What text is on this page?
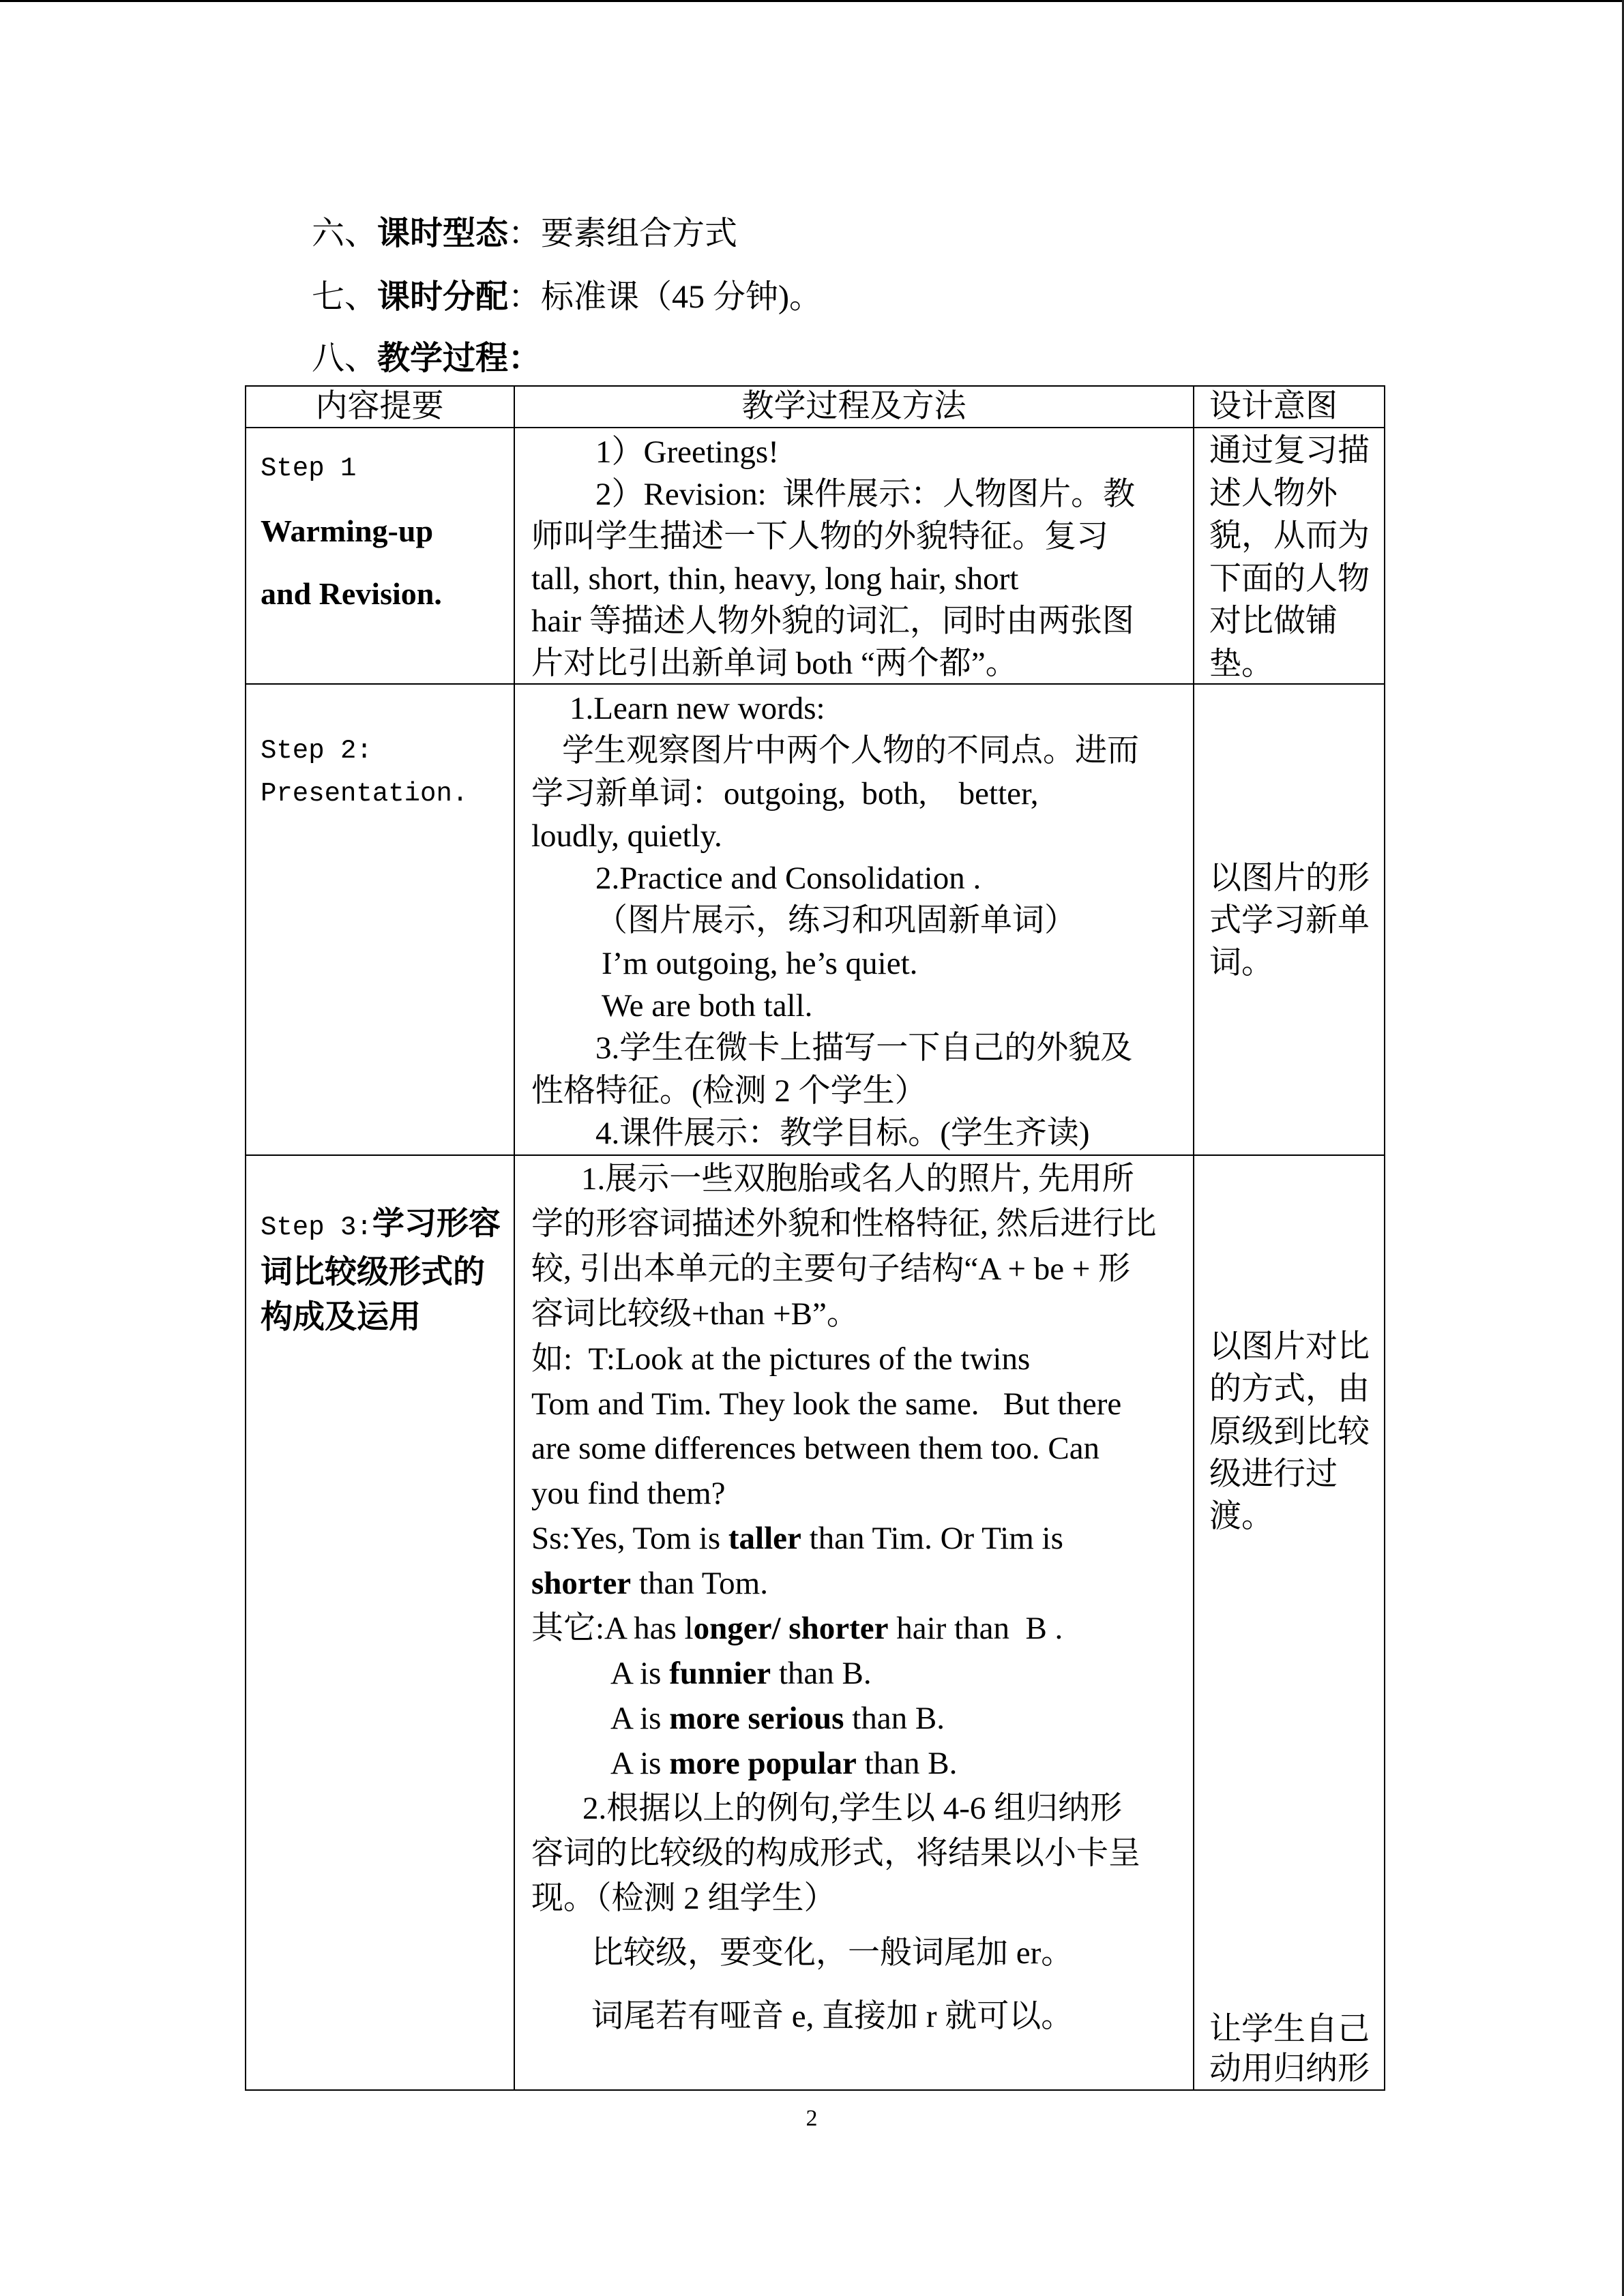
六、课时型态：要素组合方式
七、课时分配：标准课（45 分钟)。
八、教学过程：
内容提要	教学过程及方法	设计意图
Step 1
Warming-up
and Revision.
1）Greetings!
2）Revision:  课件展示：人物图片。教
师叫学生描述一下人物的外貌特征。复习
tall, short, thin, heavy, long hair, short
hair 等描述人物外貌的词汇，同时由两张图
片对比引出新单词 both “两个都”。
通过复习描
述人物外
貌，从而为
下面的人物
对比做铺
垫。
Step 2:
Presentation.
1.Learn new words:
学生观察图片中两个人物的不同点。进而
学习新单词：outgoing,  both,    better,
loudly, quietly.
2.Practice and Consolidation .
（图片展示，练习和巩固新单词）
I’m outgoing, he’s quiet.
We are both tall.
3.学生在微卡上描写一下自己的外貌及
性格特征。(检测 2 个学生）
4.课件展示：教学目标。(学生齐读)
以图片的形
式学习新单
词。
Step 3:学习形容
词比较级形式的
构成及运用
1.展示一些双胞胎或名人的照片, 先用所
学的形容词描述外貌和性格特征, 然后进行比
较, 引出本单元的主要句子结构“A + be + 形
容词比较级+than +B”。
如:  T:Look at the pictures of the twins
Tom and Tim. They look the same.   But there
are some differences between them too. Can
you find them?
Ss:Yes, Tom is taller than Tim. Or Tim is
shorter than Tom.
其它:A has longer/ shorter hair than  B .
A is funnier than B.
A is more serious than B.
A is more popular than B.
2.根据以上的例句,学生以 4-6 组归纳形
容词的比较级的构成形式，将结果以小卡呈
现。（检测 2 组学生）
比较级，要变化，一般词尾加 er。
词尾若有哑音 e, 直接加 r 就可以。
以图片对比
的方式，由
原级到比较
级进行过
渡。
让学生自己
动用归纳形
2
